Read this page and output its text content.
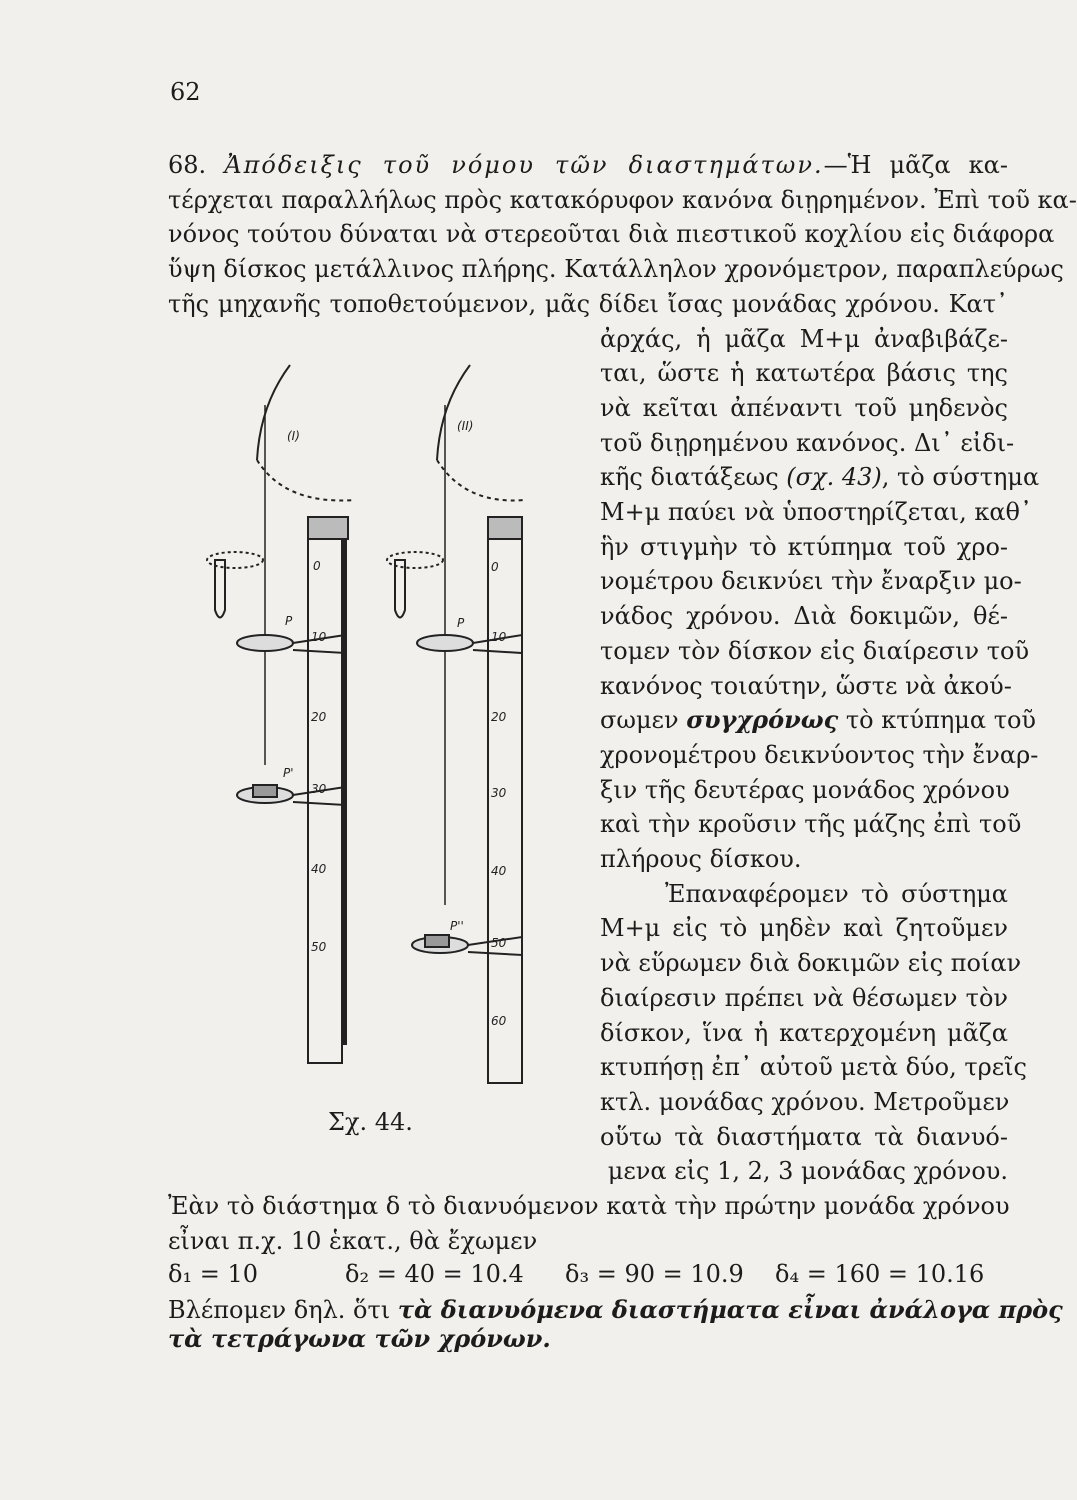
62
68. Ἀπόδειξις τοῦ νόμου τῶν διαστημάτων.—Ἡ μᾶζα κα-
τέρχεται παραλλήλως πρὸς κατακόρυφον κανόνα διῃρημένον. Ἐπὶ τοῦ κα-
νόνος τούτου δύναται νὰ στερεοῦται διὰ πιεστικοῦ κοχλίου εἰς διάφορα
ὕψη δίσκος μετάλλινος πλήρης. Κατάλληλον χρονόμετρον, παραπλεύρως
τῆς μηχανῆς τοποθετούμενον, μᾶς δίδει ἴσας μονάδας χρόνου. Κατ᾿
ἀρχάς, ἡ μᾶζα Μ+μ ἀναβιβάζε-
ται, ὥστε ἡ κατωτέρα βάσις της
νὰ κεῖται ἀπέναντι τοῦ μηδενὸς
τοῦ διῃρημένου κανόνος. Δι᾿ εἰδι-
κῆς διατάξεως (σχ. 43), τὸ σύστημα
Μ+μ παύει νὰ ὑποστηρίζεται, καθ᾿
ἣν στιγμὴν τὸ κτύπημα τοῦ χρο-
νομέτρου δεικνύει τὴν ἔναρξιν μο-
νάδος χρόνου. Διὰ δοκιμῶν, θέ-
τομεν τὸν δίσκον εἰς διαίρεσιν τοῦ
κανόνος τοιαύτην, ὥστε νὰ ἀκού-
σωμεν συγχρόνως τὸ κτύπημα τοῦ
χρονομέτρου δεικνύοντος τὴν ἔναρ-
ξιν τῆς δευτέρας μονάδος χρόνου
καὶ τὴν κροῦσιν τῆς μάζης ἐπὶ τοῦ
πλήρους δίσκου.
Ἐπαναφέρομεν τὸ σύστημα
Μ+μ εἰς τὸ μηδὲν καὶ ζητοῦμεν
νὰ εὕρωμεν διὰ δοκιμῶν εἰς ποίαν
διαίρεσιν πρέπει νὰ θέσωμεν τὸν
δίσκον, ἵνα ἡ κατερχομένη μᾶζα
κτυπήσῃ ἐπ᾿ αὐτοῦ μετὰ δύο, τρεῖς
κτλ. μονάδας χρόνου. Μετροῦμεν
οὕτω τὰ διαστήματα τὰ διανυό-
μενα εἰς 1, 2, 3 μονάδας χρόνου.
(I)
(II)
P
P'
P
P''
0
10
20
30
40
50
0
10
20
30
40
50
60
Σχ. 44.
Ἐὰν τὸ διάστημα δ τὸ διανυόμενον κατὰ τὴν πρώτην μονάδα χρόνου
εἶναι π.χ. 10 ἑκατ., θὰ ἔχωμεν
δ₁ = 10	δ₂ = 40 = 10.4 δ₃ = 90 = 10.9 δ₄ = 160 = 10.16
Βλέπομεν δηλ. ὅτι τὰ διανυόμενα διαστήματα εἶναι ἀνάλογα πρὸς
τὰ τετράγωνα τῶν χρόνων.
